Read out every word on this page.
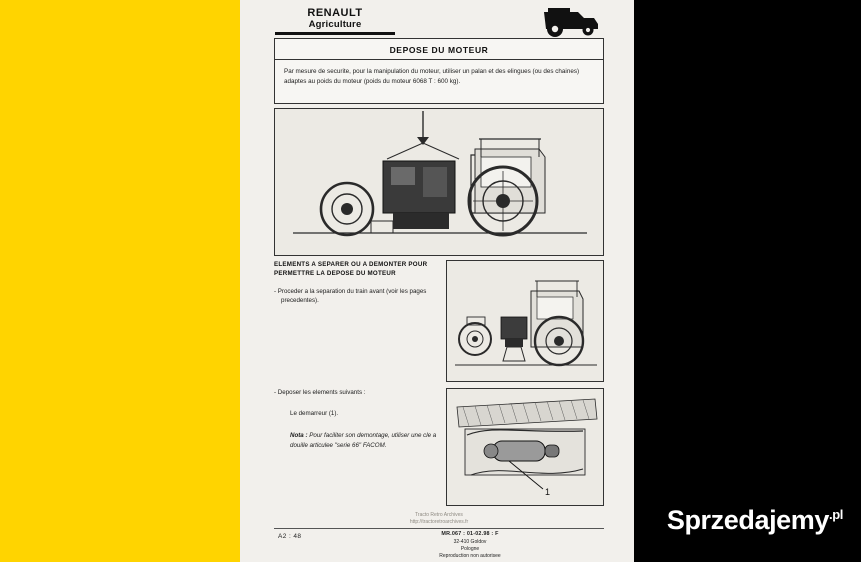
RENAULT
Agriculture
DEPOSE DU MOTEUR

Par mesure de securite, pour la manipulation du moteur, utiliser un palan et des elingues (ou des chaines) adaptes au poids du moteur (poids du moteur 6068 T : 600 kg).

ELEMENTS A SEPARER OU A DEMONTER POUR PERMETTRE LA DEPOSE DU MOTEUR

- Proceder a la separation du train avant (voir les pages precedentes).

- Deposer les elements suivants :
Le demarreur (1).
Nota : Pour faciliter son demontage, utiliser une cle a douille articulee "serie 66" FACOM.
1
Tracto Retro Archives
http://tractoretroarchives.fr
A2 : 48	MR.067 : 01-02.98 : F
32-410 Goldov
Pologne
Reproduction non autorisee
Sprzedajemy$^{.pl}$
